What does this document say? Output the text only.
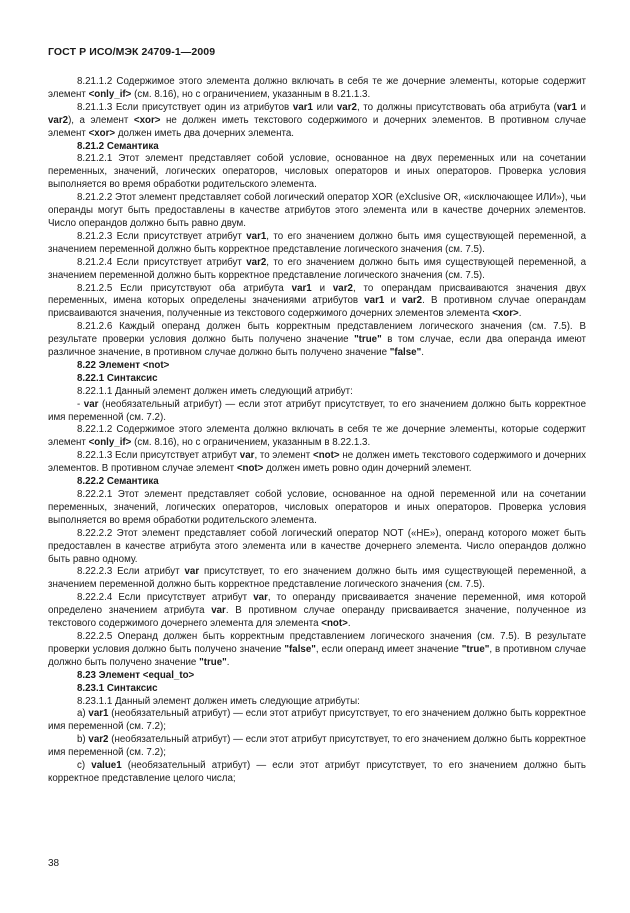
ГОСТ Р ИСО/МЭК 24709-1—2009

8.21.1.2 Содержимое этого элемента должно включать в себя те же дочерние элементы, которые содержит элемент <only_if> (см. 8.16), но с ограничением, указанным в 8.21.1.3.

8.21.1.3 Если присутствует один из атрибутов var1 или var2, то должны присутствовать оба атрибута (var1 и var2), а элемент <xor> не должен иметь текстового содержимого и дочерних элементов. В противном случае элемент <xor> должен иметь два дочерних элемента.

8.21.2 Семантика

8.21.2.1 Этот элемент представляет собой условие, основанное на двух переменных или на сочетании переменных, значений, логических операторов, числовых операторов и иных операторов. Проверка условия выполняется во время обработки родительского элемента.

8.21.2.2 Этот элемент представляет собой логический оператор XOR (eXclusive OR, «исключающее ИЛИ»), чьи операнды могут быть предоставлены в качестве атрибутов этого элемента или в качестве дочерних элементов. Число операндов должно быть равно двум.

8.21.2.3 Если присутствует атрибут var1, то его значением должно быть имя существующей переменной, а значением переменной должно быть корректное представление логического значения (см. 7.5).

8.21.2.4 Если присутствует атрибут var2, то его значением должно быть имя существующей переменной, а значением переменной должно быть корректное представление логического значения (см. 7.5).

8.21.2.5 Если присутствуют оба атрибута var1 и var2, то операндам присваиваются значения двух переменных, имена которых определены значениями атрибутов var1 и var2. В противном случае операндам присваиваются значения, полученные из текстового содержимого дочерних элементов элемента <xor>.

8.21.2.6 Каждый операнд должен быть корректным представлением логического значения (см. 7.5). В результате проверки условия должно быть получено значение "true" в том случае, если два операнда имеют различное значение, в противном случае должно быть получено значение "false".

8.22 Элемент <not>

8.22.1 Синтаксис

8.22.1.1 Данный элемент должен иметь следующий атрибут:

- var (необязательный атрибут) — если этот атрибут присутствует, то его значением должно быть корректное имя переменной (см. 7.2).

8.22.1.2 Содержимое этого элемента должно включать в себя те же дочерние элементы, которые содержит элемент <only_if> (см. 8.16), но с ограничением, указанным в 8.22.1.3.

8.22.1.3 Если присутствует атрибут var, то элемент <not> не должен иметь текстового содержимого и дочерних элементов. В противном случае элемент <not> должен иметь ровно один дочерний элемент.

8.22.2 Семантика

8.22.2.1 Этот элемент представляет собой условие, основанное на одной переменной или на сочетании переменных, значений, логических операторов, числовых операторов и иных операторов. Проверка условия выполняется во время обработки родительского элемента.

8.22.2.2 Этот элемент представляет собой логический оператор NOT («НЕ»), операнд которого может быть предоставлен в качестве атрибута этого элемента или в качестве дочернего элемента. Число операндов должно быть равно одному.

8.22.2.3 Если атрибут var присутствует, то его значением должно быть имя существующей переменной, а значением переменной должно быть корректное представление логического значения (см. 7.5).

8.22.2.4 Если присутствует атрибут var, то операнду присваивается значение переменной, имя которой определено значением атрибута var. В противном случае операнду присваивается значение, полученное из текстового содержимого дочернего элемента для элемента <not>.

8.22.2.5 Операнд должен быть корректным представлением логического значения (см. 7.5). В результате проверки условия должно быть получено значение "false", если операнд имеет значение "true", в противном случае должно быть получено значение "true".

8.23 Элемент <equal_to>

8.23.1 Синтаксис

8.23.1.1 Данный элемент должен иметь следующие атрибуты:

a) var1 (необязательный атрибут) — если этот атрибут присутствует, то его значением должно быть корректное имя переменной (см. 7.2);

b) var2 (необязательный атрибут) — если этот атрибут присутствует, то его значением должно быть корректное имя переменной (см. 7.2);

c) value1 (необязательный атрибут) — если этот атрибут присутствует, то его значением должно быть корректное представление целого числа;

38
